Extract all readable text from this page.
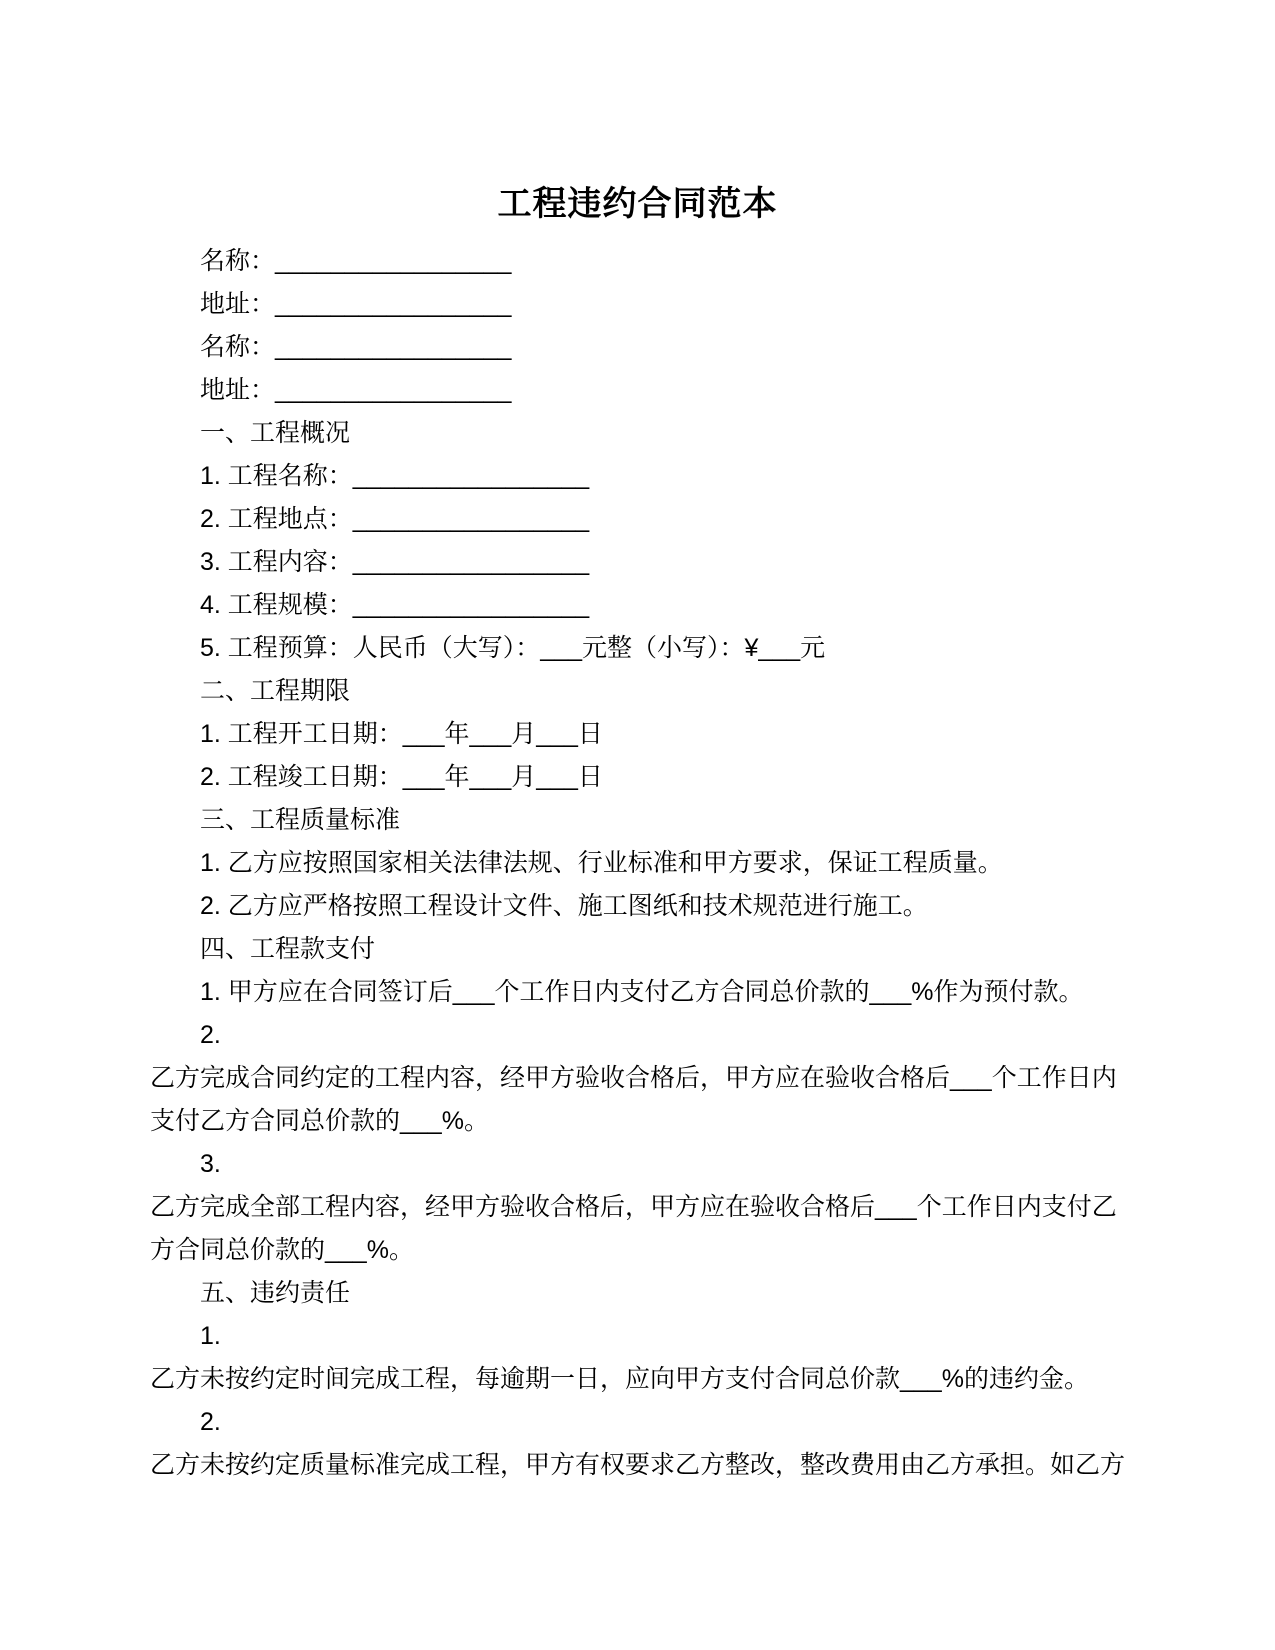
工程违约合同范本
名称：_________________
地址：_________________
名称：_________________
地址：_________________
一、工程概况
1. 工程名称：_________________
2. 工程地点：_________________
3. 工程内容：_________________
4. 工程规模：_________________
5. 工程预算：人民币（大写）：___元整（小写）：¥___元
二、工程期限
1. 工程开工日期：___年___月___日
2. 工程竣工日期：___年___月___日
三、工程质量标准
1. 乙方应按照国家相关法律法规、行业标准和甲方要求，保证工程质量。
2. 乙方应严格按照工程设计文件、施工图纸和技术规范进行施工。
四、工程款支付
1. 甲方应在合同签订后___个工作日内支付乙方合同总价款的___%作为预付款。
2.
乙方完成合同约定的工程内容，经甲方验收合格后，甲方应在验收合格后___个工作日内
支付乙方合同总价款的___%。
3.
乙方完成全部工程内容，经甲方验收合格后，甲方应在验收合格后___个工作日内支付乙
方合同总价款的___%。
五、违约责任
1.
乙方未按约定时间完成工程，每逾期一日，应向甲方支付合同总价款___%的违约金。
2.
乙方未按约定质量标准完成工程，甲方有权要求乙方整改，整改费用由乙方承担。如乙方
